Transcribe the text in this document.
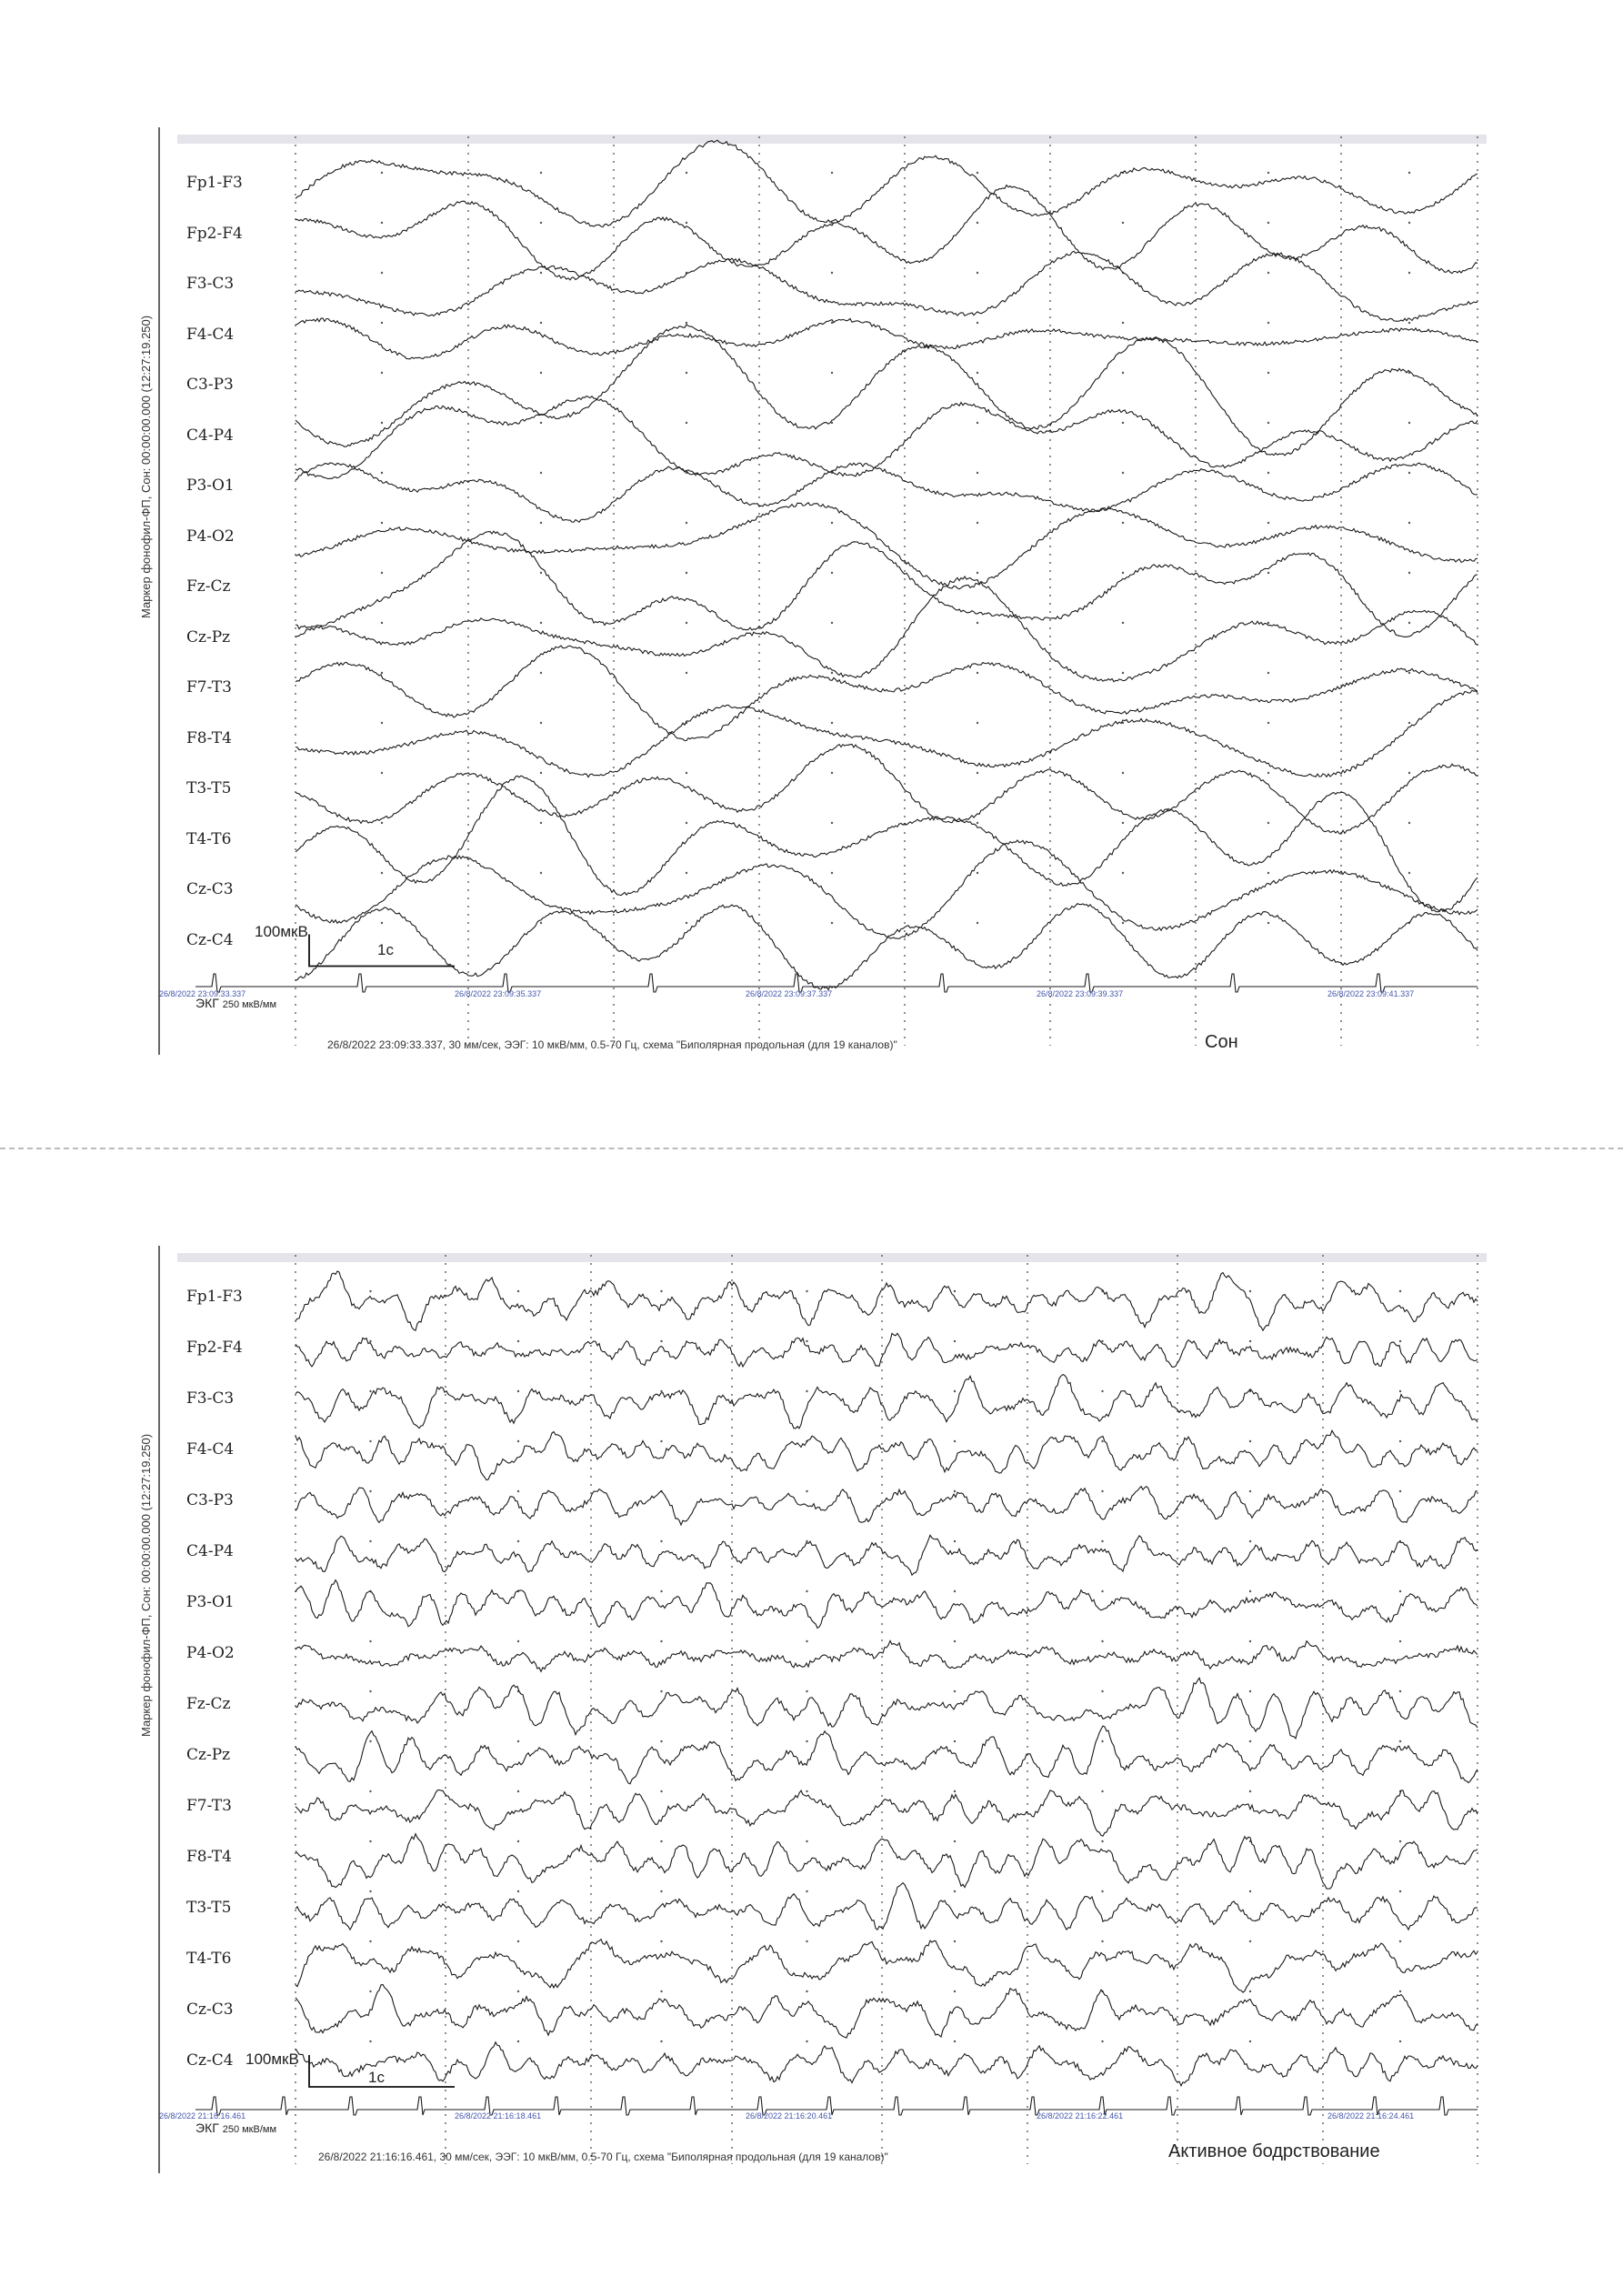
Маркер фонофил-ФП, Сон: 00:00:00.000 (12:27:19.250)
Fp1-F3
Fp2-F4
F3-C3
F4-C4
C3-P3
C4-P4
P3-O1
P4-O2
Fz-Cz
Cz-Pz
F7-T3
F8-T4
T3-T5
T4-T6
Cz-C3
Cz-C4 100мкВ
1с
ЭКГ 250 мкВ/мм
26/8/2022 23:09:33.337	26/8/2022 23:09:35.337	26/8/2022 23:09:37.337	26/8/2022 23:09:39.337	26/8/2022 23:09:41.337
26/8/2022 23:09:33.337, 30 мм/сек, ЭЭГ: 10 мкВ/мм, 0.5-70 Гц, схема "Биполярная продольная (для 19 каналов)"	Сон
Маркер фонофил-ФП, Сон: 00:00:00.000 (12:27:19.250)
Fp1-F3
Fp2-F4
F3-C3
F4-C4
C3-P3
C4-P4
P3-O1
P4-O2
Fz-Cz
Cz-Pz
F7-T3
F8-T4
T3-T5
T4-T6
Cz-C3
Cz-C4 100мкВ
1с
ЭКГ 250 мкВ/мм
26/8/2022 21:16:16.461	26/8/2022 21:16:18.461	26/8/2022 21:16:20.461	26/8/2022 21:16:22.461	26/8/2022 21:16:24.461
26/8/2022 21:16:16.461, 30 мм/сек, ЭЭГ: 10 мкВ/мм, 0.5-70 Гц, схема "Биполярная продольная (для 19 каналов)"	Активное бодрствование
